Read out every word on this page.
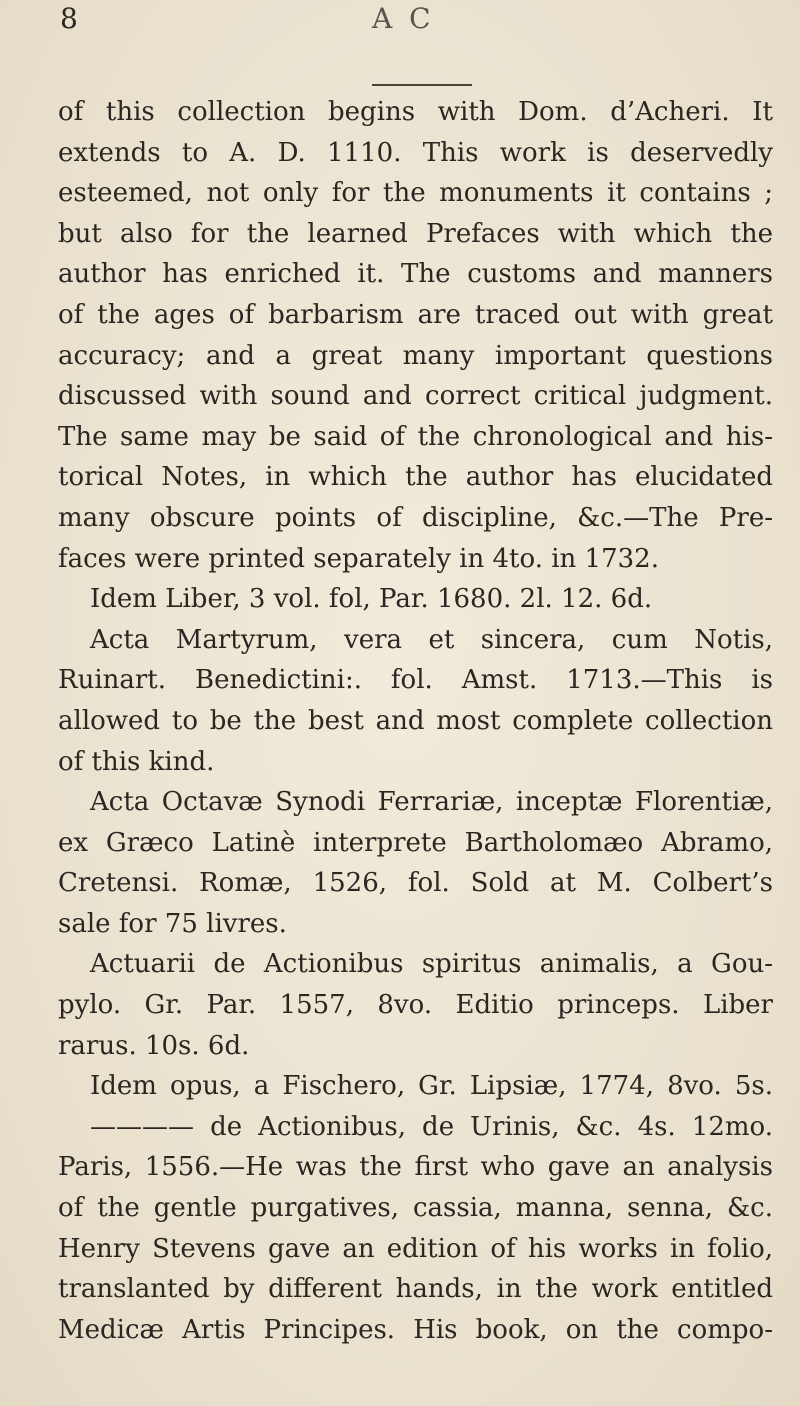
8	A C
of this collection begins with Dom. d’Acheri. It
extends to A. D. 1110. This work is deservedly
esteemed, not only for the monuments it contains ;
but also for the learned Prefaces with which the
author has enriched it. The customs and manners
of the ages of barbarism are traced out with great
accuracy; and a great many important questions
discussed with sound and correct critical judgment.
The same may be said of the chronological and his-
torical Notes, in which the author has elucidated
many obscure points of discipline, &c.—The Pre-
faces were printed separately in 4to. in 1732.
Idem Liber, 3 vol. fol, Par. 1680. 2l. 12. 6d.
Acta Martyrum, vera et sincera, cum Notis,
Ruinart. Benedictini:. fol. Amst. 1713.—This is
allowed to be the best and most complete collection
of this kind.
Acta Octavæ Synodi Ferrariæ, inceptæ Florentiæ,
ex Græco Latinè interprete Bartholomæo Abramo,
Cretensi. Romæ, 1526, fol. Sold at M. Colbert’s
sale for 75 livres.
Actuarii de Actionibus spiritus animalis, a Gou-
pylo. Gr. Par. 1557, 8vo. Editio princeps. Liber
rarus. 10s. 6d.
Idem opus, a Fischero, Gr. Lipsiæ, 1774, 8vo. 5s.
———— de Actionibus, de Urinis, &c. 4s. 12mo.
Paris, 1556.—He was the first who gave an analysis
of the gentle purgatives, cassia, manna, senna, &c.
Henry Stevens gave an edition of his works in folio,
translanted by different hands, in the work entitled
Medicæ Artis Principes. His book, on the compo-
